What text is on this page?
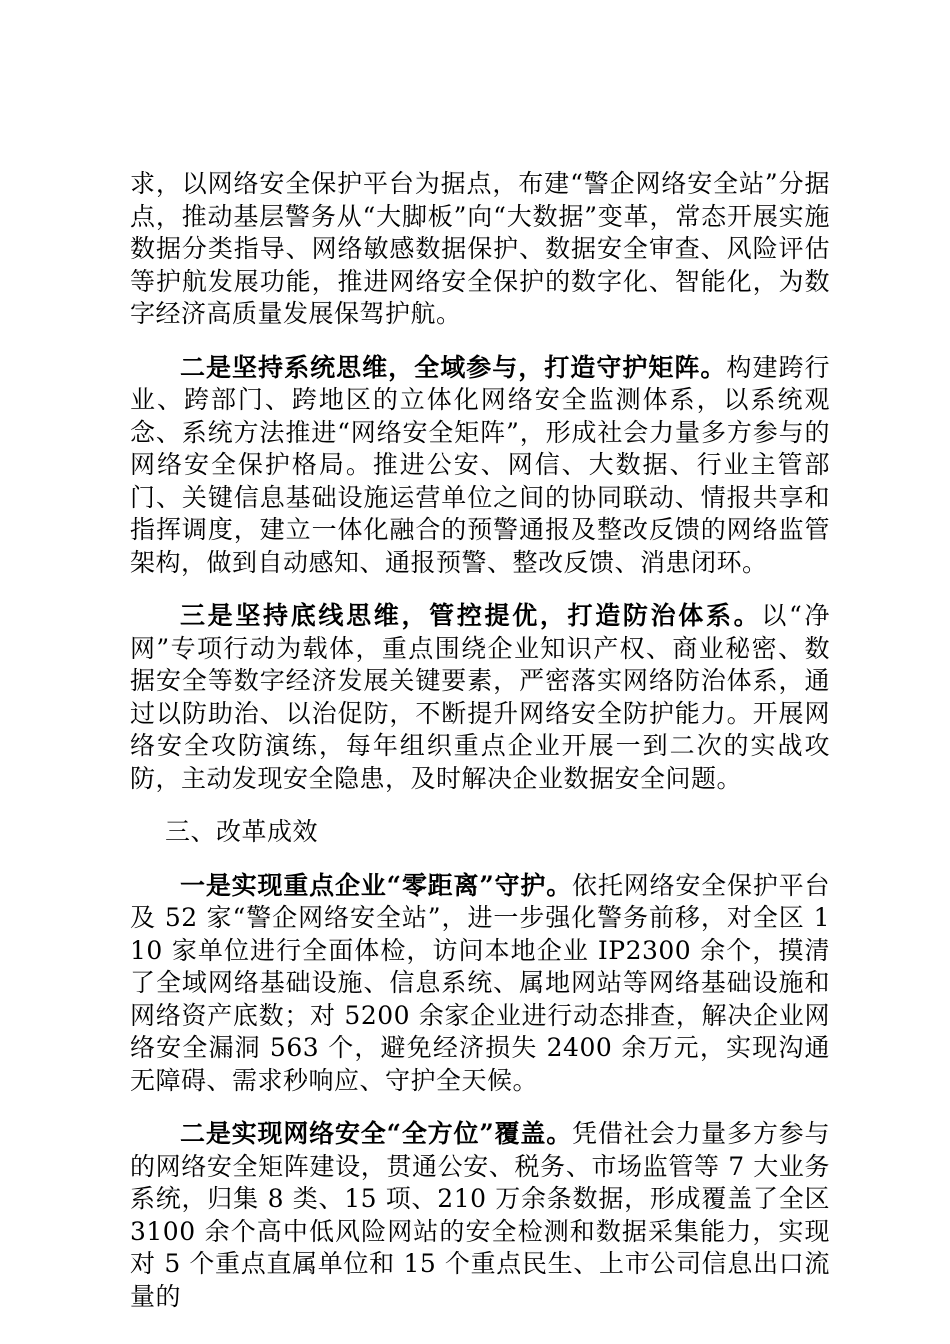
求，以网络安全保护平台为据点，布建“警企网络安全站”分据点，推动基层警务从“大脚板”向“大数据”变革，常态开展实施数据分类指导、网络敏感数据保护、数据安全审查、风险评估等护航发展功能，推进网络安全保护的数字化、智能化，为数字经济高质量发展保驾护航。

二是坚持系统思维，全域参与，打造守护矩阵。构建跨行业、跨部门、跨地区的立体化网络安全监测体系，以系统观念、系统方法推进“网络安全矩阵”，形成社会力量多方参与的网络安全保护格局。推进公安、网信、大数据、行业主管部门、关键信息基础设施运营单位之间的协同联动、情报共享和指挥调度，建立一体化融合的预警通报及整改反馈的网络监管架构，做到自动感知、通报预警、整改反馈、消患闭环。

三是坚持底线思维，管控提优，打造防治体系。以“净网”专项行动为载体，重点围绕企业知识产权、商业秘密、数据安全等数字经济发展关键要素，严密落实网络防治体系，通过以防助治、以治促防，不断提升网络安全防护能力。开展网络安全攻防演练，每年组织重点企业开展一到二次的实战攻防，主动发现安全隐患，及时解决企业数据安全问题。

三、改革成效

一是实现重点企业“零距离”守护。依托网络安全保护平台及 52 家“警企网络安全站”，进一步强化警务前移，对全区 110 家单位进行全面体检，访问本地企业 IP2300 余个，摸清了全域网络基础设施、信息系统、属地网站等网络基础设施和网络资产底数；对 5200 余家企业进行动态排查，解决企业网络安全漏洞 563 个，避免经济损失 2400 余万元，实现沟通无障碍、需求秒响应、守护全天候。

二是实现网络安全“全方位”覆盖。凭借社会力量多方参与的网络安全矩阵建设，贯通公安、税务、市场监管等 7 大业务系统，归集 8 类、15 项、210 万余条数据，形成覆盖了全区 3100 余个高中低风险网站的安全检测和数据采集能力，实现对 5 个重点直属单位和 15 个重点民生、上市公司信息出口流量的
